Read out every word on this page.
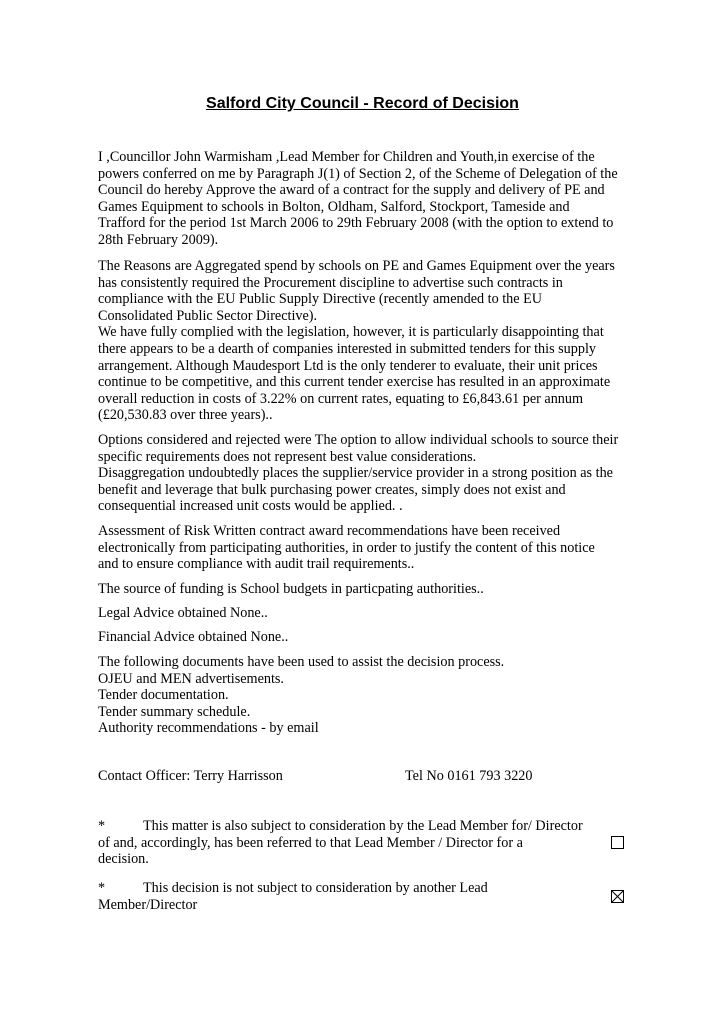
Salford City Council - Record of Decision
I ,Councillor John Warmisham ,Lead Member for Children and Youth,in exercise of the
powers conferred on me by Paragraph J(1) of Section 2, of the Scheme of Delegation of the
Council do hereby Approve the award of a contract for the supply and delivery of PE and
Games Equipment to schools in Bolton, Oldham, Salford, Stockport, Tameside and
Trafford for the period 1st March 2006 to 29th February 2008 (with the option to extend to
28th February 2009).
The Reasons are Aggregated spend by schools on PE and Games Equipment over the years
has consistently required the Procurement discipline to advertise such contracts in
compliance with the EU Public Supply Directive (recently amended to the EU
Consolidated Public Sector Directive).
We have fully complied with the legislation, however, it is particularly disappointing that
there appears to be a dearth of companies interested in submitted tenders for this supply
arrangement. Although Maudesport Ltd is the only tenderer to evaluate, their unit prices
continue to be competitive, and this current tender exercise has resulted in an approximate
overall reduction in costs of 3.22% on current rates, equating to £6,843.61 per annum
(£20,530.83 over three years)..
Options considered and rejected were The option to allow individual schools to source their
specific requirements does not represent best value considerations.
Disaggregation undoubtedly places the supplier/service provider in a strong position as the
benefit and leverage that bulk purchasing power creates, simply does not exist and
consequential increased unit costs would be applied. .
Assessment of Risk Written contract award recommendations have been received
electronically from participating authorities, in order to justify the content of this notice
and to ensure compliance with audit trail requirements..
The source of funding is School budgets in particpating authorities..
Legal Advice obtained None..
Financial Advice obtained None..
The following documents have been used to assist the decision process.
OJEU and MEN advertisements.
Tender documentation.
Tender summary schedule.
Authority recommendations - by email
Contact Officer: Terry Harrisson	Tel No 0161 793 3220
*	This matter is also subject to consideration by the Lead Member for/ Director
of and, accordingly, has been referred to that Lead Member / Director for a
decision.
*	This decision is not subject to consideration by another Lead
Member/Director
